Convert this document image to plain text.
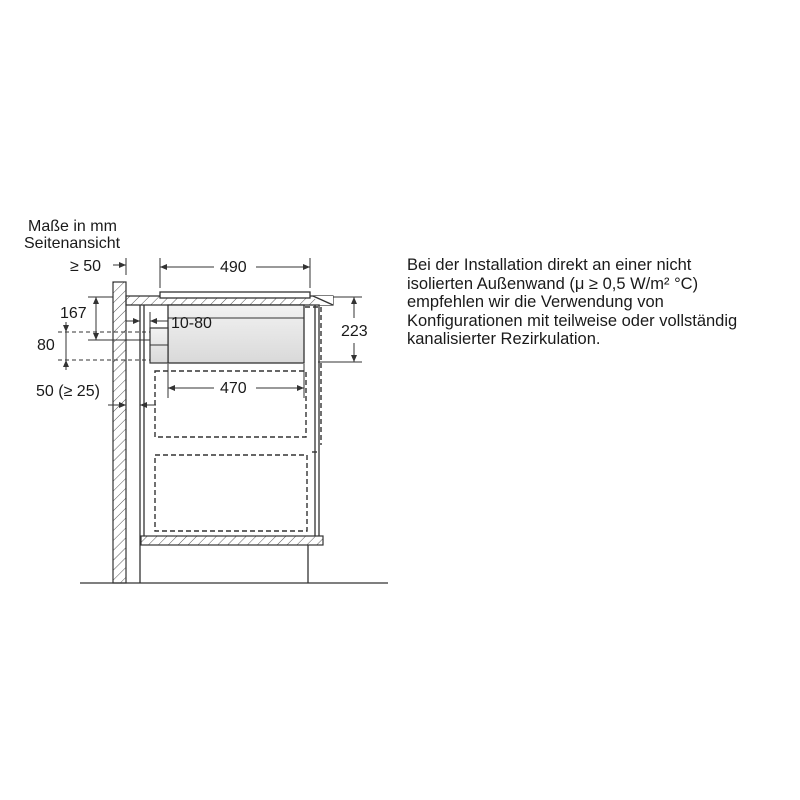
Maße in mm
Seitenansicht
≥ 50	490
167
10-80
80
223
470
50 (≥ 25)
Bei der Installation direkt an einer nicht
isolierten Außenwand (μ ≥ 0,5 W/m² °C)
empfehlen wir die Verwendung von
Konfigurationen mit teilweise oder vollständig
kanalisierter Rezirkulation.
